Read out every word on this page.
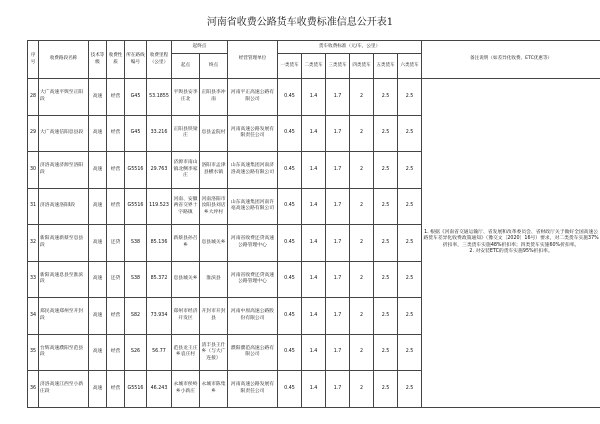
河南省收费公路货车收费标准信息公开表1
序号	收费路段名称	技术等级	收费性质	所在路线编号	收费里程（公里）	起终点		经营管理单位	货车收费标准（元/车，公里）						备注说明（如差异化收费、ETC优惠等）
						起点	终点		一类货车	二类货车	三类货车	四类货车	五类货车	六类货车	
28	大广高速平舆至正阳段	高速	经营	G45	53.1855	平舆县安李庄北	正阳县李冲南	河南平正高速公路有限公司	0.45	1.4	1.7	2	2.5	2.5	1. 根据《河南省交通运输厅、省发展和改革委员会、省财政厅关于做好全国高速公路货车差异化收费政策通知》（豫交文〔2020〕16号）要求，对二类货车实施37%折扣率，三类货车实施48%折扣率；四类货车实施60%折扣率。
2. 对安装ETC的货车实施95%折扣率。

29	大广高速信阳息县段	高速	经营	G45	33.216	正阳县铁梁庄	息县孟院村	河南高速公路发展有限责任公司	0.45	1.4	1.7	2	2.5	2.5	
30	济洛高速济源至洛阳段	高速	经营	G5516	29.763	济源市南山镇北侧李家庄	洛阳市孟津县横水镇	山东高速集团河南济洛高速公路有限公司	0.45	1.4	1.7	2	2.5	2.5	
31	济洛高速洛阳Ⅰ段	高速	经营	G5516	119.523	河南、安徽两省交界十字路镇	河南洛阳市汝阳县刘店乡大坪村	山东高速集团河南许亳高速公路有限公司	0.45	1.4	1.7	2	2.5	2.5	
32	新阳高速新蔡至息县段	高速	还贷	S38	85.136	新蔡县孙召乡	息县城关乡	河南省收费还贷高速公路管理中心	0.45	1.4	1.7	2	2.5	2.5	
33	新阳高速息县至淮滨段	高速	还贷	S38	85.372	息县城关乡	淮滨县	河南省收费还贷高速公路管理中心	0.45	1.4	1.7	2	2.5	2.5	
34	郑民高速郑州至开封段	高速	经营	S82	73.934	郑州市经济开发区	开封市开封县	河南中原高速公路股份有限公司	0.45	1.4	1.7	2	2.5	2.5	
35	台辉高速濮阳至范县段	高速	经营	S26	56.77	范县龙王庄乡袁庄村	清丰县王什乡（与大广连接）	濮阳濮范高速公路有限公司	0.45	1.4	1.7	2	2.5	2.5	
36	济洛高速江西至小新庄段	高速	经营	G5516	46.243	永城市侯岭乡小新庄	永城市陈集乡	河南高速公路发展有限责任公司	0.45	1.4	1.7	2	2.5	2.5	
